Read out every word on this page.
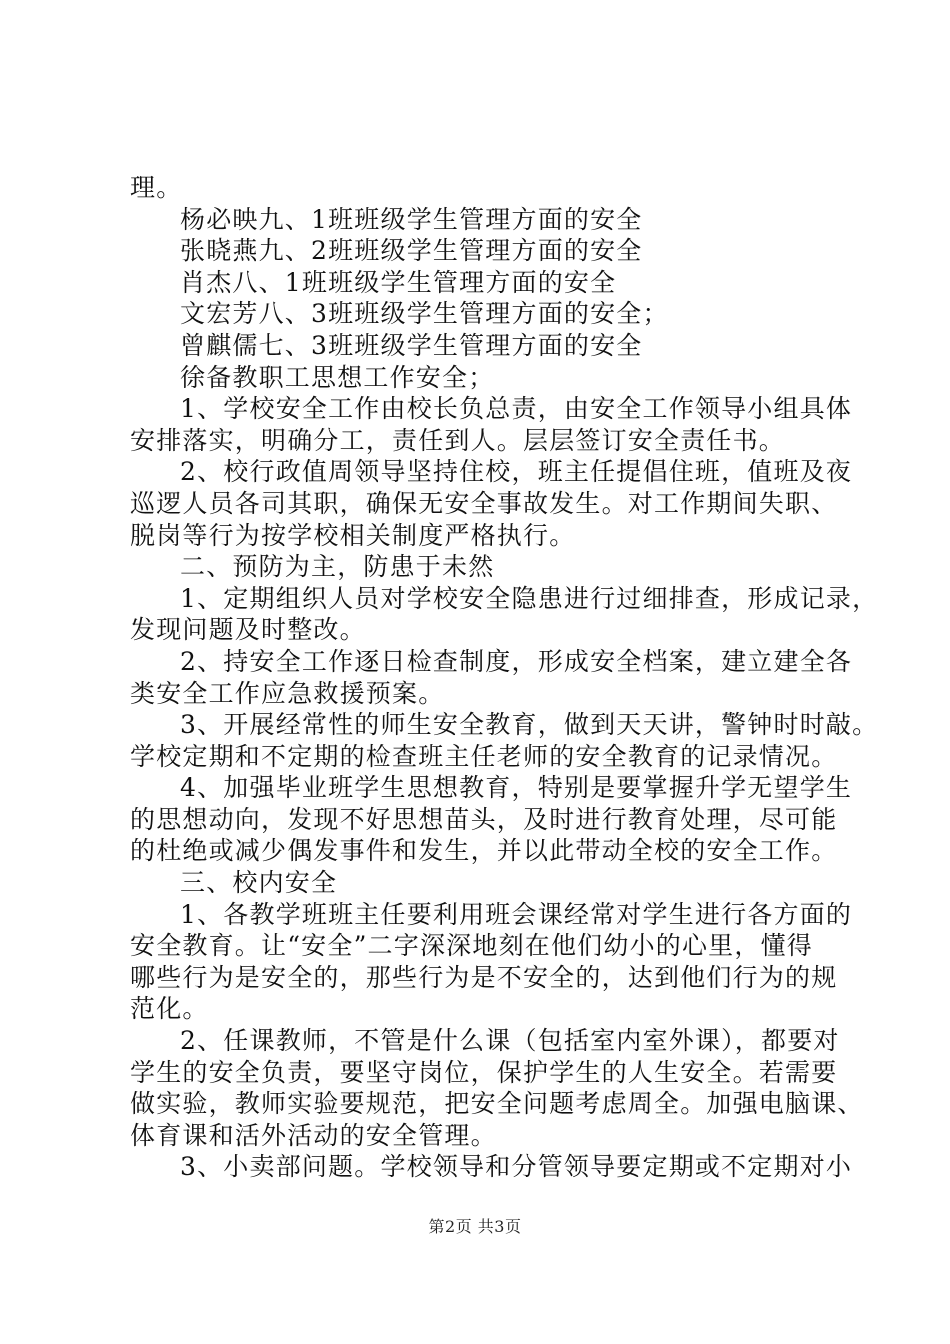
理。
杨必映九、1班班级学生管理方面的安全
张晓燕九、2班班级学生管理方面的安全
肖杰八、1班班级学生管理方面的安全
文宏芳八、3班班级学生管理方面的安全；
曾麒儒七、3班班级学生管理方面的安全
徐备教职工思想工作安全；
1、学校安全工作由校长负总责，由安全工作领导小组具体
安排落实，明确分工，责任到人。层层签订安全责任书。
2、校行政值周领导坚持住校，班主任提倡住班，值班及夜
巡逻人员各司其职，确保无安全事故发生。对工作期间失职、
脱岗等行为按学校相关制度严格执行。
二、预防为主，防患于未然
1、定期组织人员对学校安全隐患进行过细排查，形成记录，
发现问题及时整改。
2、持安全工作逐日检查制度，形成安全档案，建立建全各
类安全工作应急救援预案。
3、开展经常性的师生安全教育，做到天天讲，警钟时时敲。
学校定期和不定期的检查班主任老师的安全教育的记录情况。
4、加强毕业班学生思想教育，特别是要掌握升学无望学生
的思想动向，发现不好思想苗头，及时进行教育处理，尽可能
的杜绝或减少偶发事件和发生，并以此带动全校的安全工作。
三、校内安全
1、各教学班班主任要利用班会课经常对学生进行各方面的
安全教育。让“安全”二字深深地刻在他们幼小的心里，懂得
哪些行为是安全的，那些行为是不安全的，达到他们行为的规
范化。
2、任课教师，不管是什么课（包括室内室外课），都要对
学生的安全负责，要坚守岗位，保护学生的人生安全。若需要
做实验，教师实验要规范，把安全问题考虑周全。加强电脑课、
体育课和活外活动的安全管理。
3、小卖部问题。学校领导和分管领导要定期或不定期对小
第2页 共3页
